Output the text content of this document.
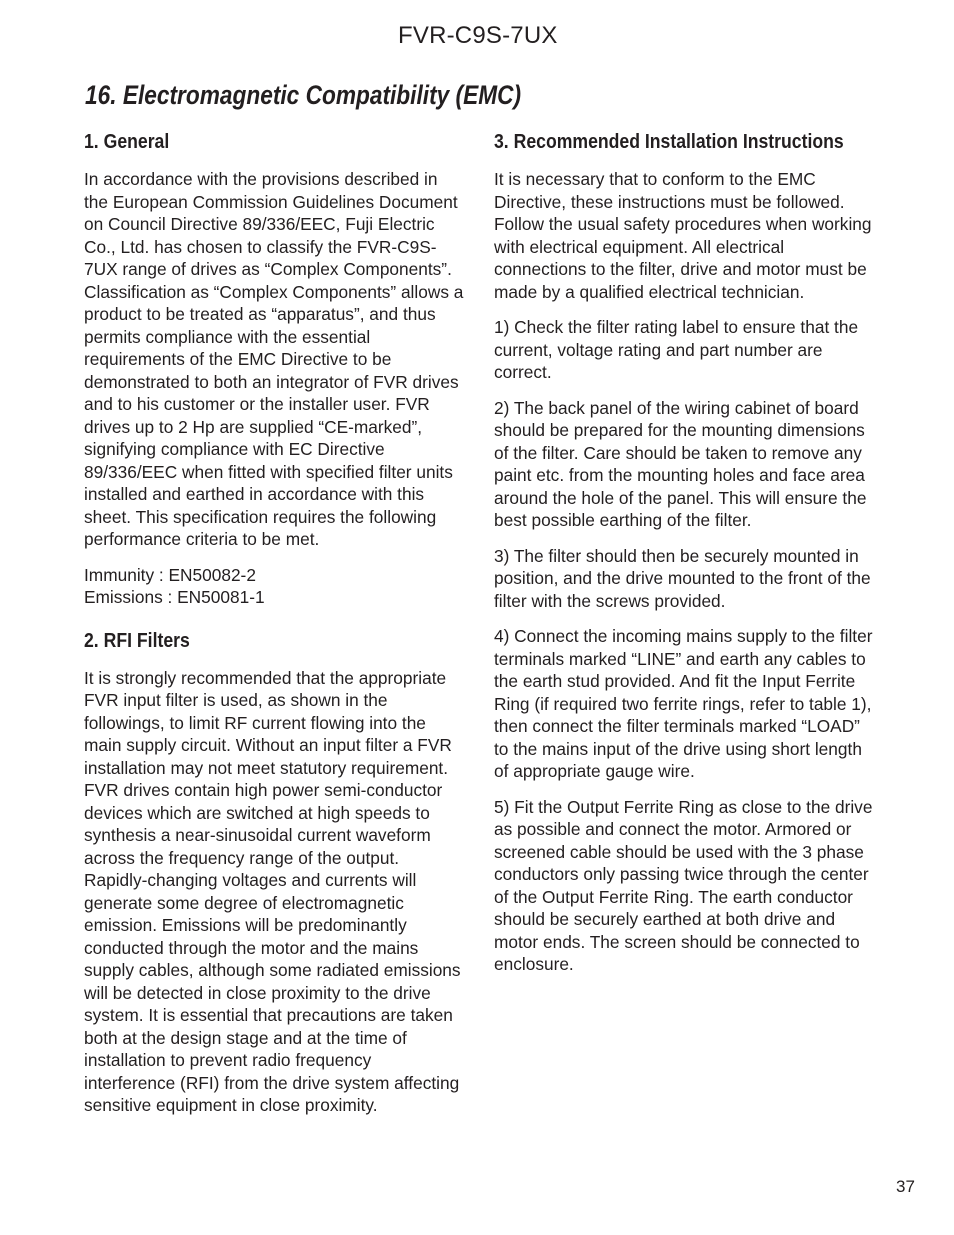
FVR-C9S-7UX
16. Electromagnetic Compatibility (EMC)
1. General

In accordance with the provisions described in the European Commission Guidelines Document on Council Directive 89/336/EEC, Fuji Electric Co., Ltd. has chosen to classify the FVR-C9S-7UX range of drives as “Complex Components”. Classification as “Complex Components” allows a product to be treated as “apparatus”, and thus permits compliance with the essential requirements of the EMC Directive to be demonstrated to both an integrator of FVR drives and to his customer or the installer user. FVR drives up to 2 Hp are supplied “CE-marked”, signifying compliance with EC Directive 89/336/EEC when fitted with specified filter units installed and earthed in accordance with this sheet. This specification requires the following performance criteria to be met.

Immunity : EN50082-2

Emissions : EN50081-1

2. RFI Filters

It is strongly recommended that the appropriate FVR input filter is used, as shown in the followings, to limit RF current flowing into the main supply circuit. Without an input filter a FVR installation may not meet statutory requirement. FVR drives contain high power semi-conductor devices which are switched at high speeds to synthesis a near-sinusoidal current waveform across the frequency range of the output. Rapidly-changing voltages and currents will generate some degree of electromagnetic emission. Emissions will be predominantly conducted through the motor and the mains supply cables, although some radiated emissions will be detected in close proximity to the drive system. It is essential that precautions are taken both at the design stage and at the time of installation to prevent radio frequency interference (RFI) from the drive system affecting sensitive equipment in close proximity.

3. Recommended Installation Instructions

It is necessary that to conform to the EMC Directive, these instructions must be followed. Follow the usual safety procedures when working with electrical equipment. All electrical connections to the filter, drive and motor must be made by a qualified electrical technician.

1) Check the filter rating label to ensure that the current, voltage rating and part number are correct.

2) The back panel of the wiring cabinet of board should be prepared for the mounting dimensions of the filter. Care should be taken to remove any paint etc. from the mounting holes and face area around the hole of the panel. This will ensure the best possible earthing of the filter.

3) The filter should then be securely mounted in position, and the drive mounted to the front of the filter with the screws provided.

4) Connect the incoming mains supply to the filter terminals marked “LINE” and earth any cables to the earth stud provided. And fit the Input Ferrite Ring (if required two ferrite rings, refer to table 1), then connect the filter terminals marked “LOAD” to the mains input of the drive using short length of appropriate gauge wire.

5) Fit the Output Ferrite Ring as close to the drive as possible and connect the motor. Armored or screened cable should be used with the 3 phase conductors only passing twice through the center of the Output Ferrite Ring. The earth conductor should be securely earthed at both drive and motor ends. The screen should be connected to enclosure.

37
